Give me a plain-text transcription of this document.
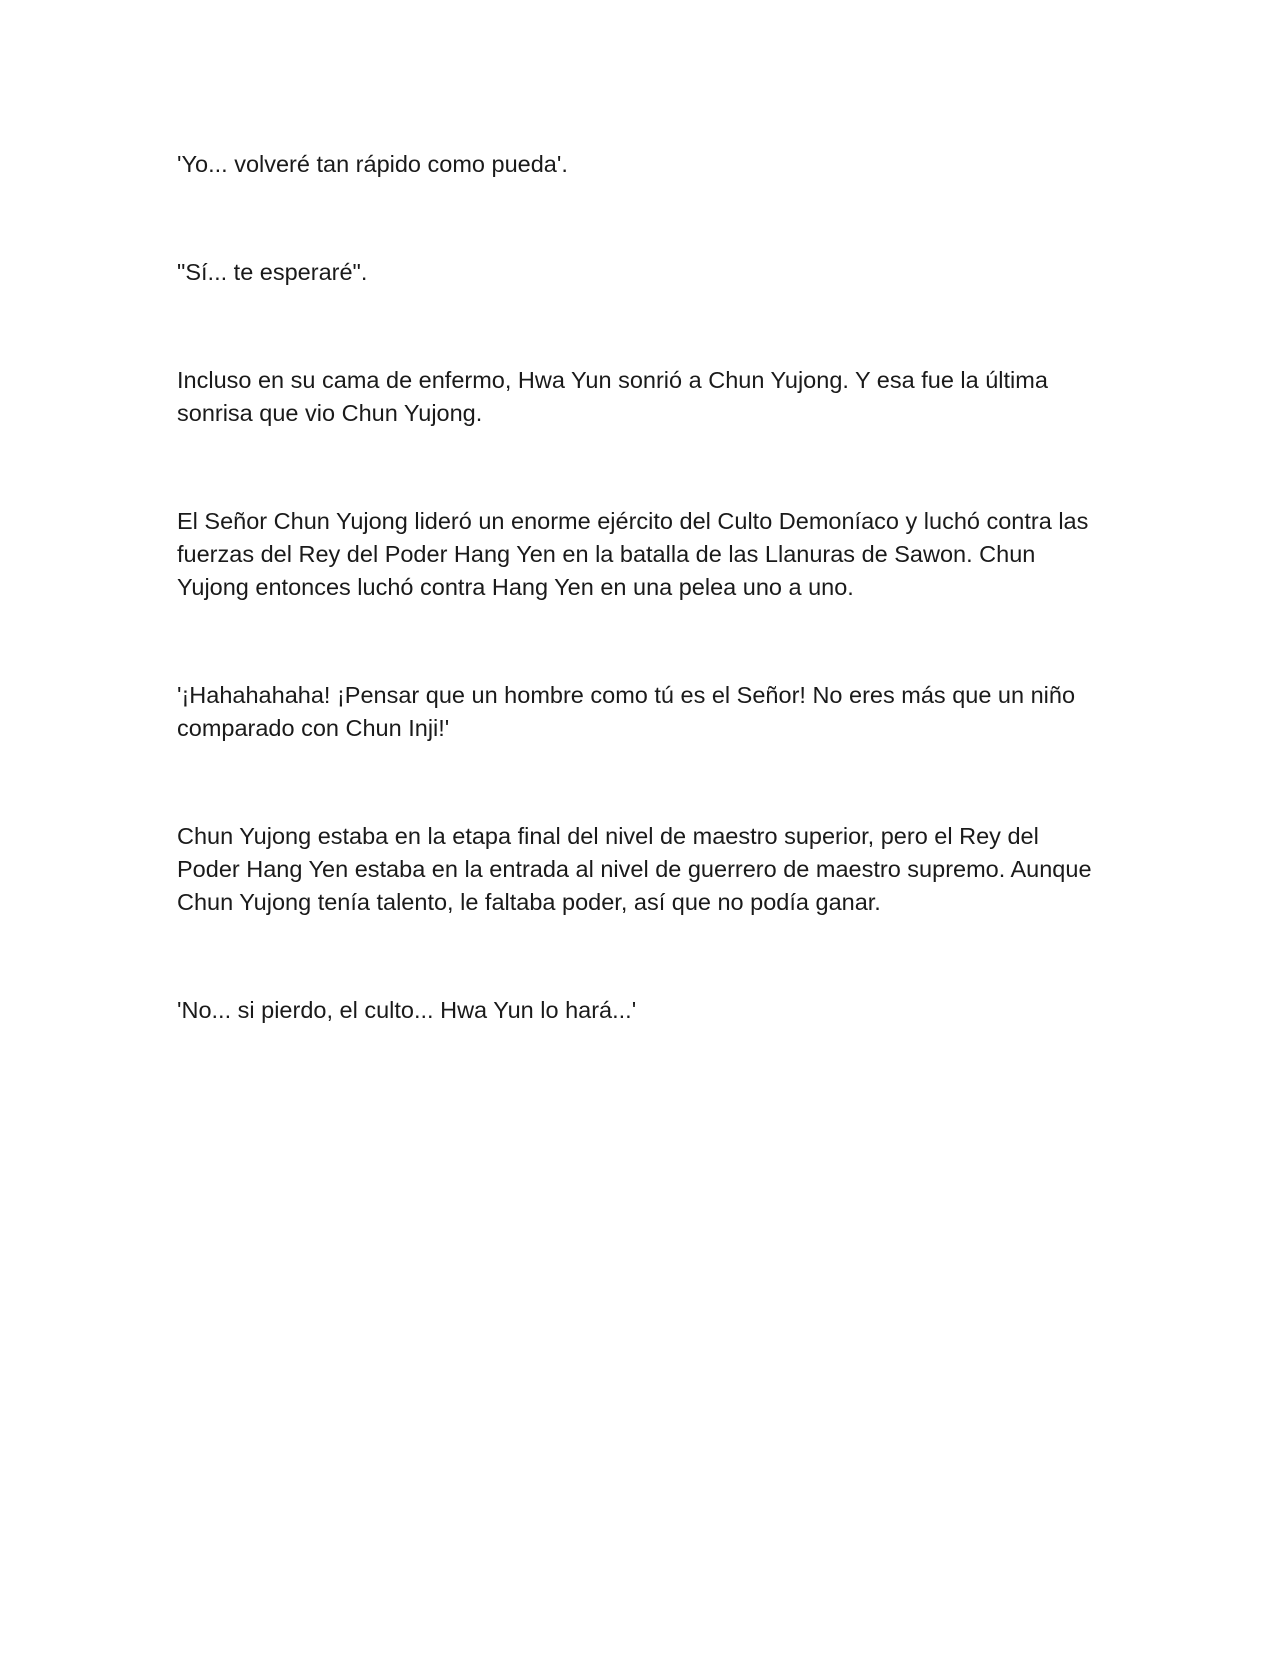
'Yo... volveré tan rápido como pueda'.

"Sí... te esperaré".

Incluso en su cama de enfermo, Hwa Yun sonrió a Chun Yujong. Y esa fue la última sonrisa que vio Chun Yujong.

El Señor Chun Yujong lideró un enorme ejército del Culto Demoníaco y luchó contra las fuerzas del Rey del Poder Hang Yen en la batalla de las Llanuras de Sawon. Chun Yujong entonces luchó contra Hang Yen en una pelea uno a uno.

'¡Hahahahaha! ¡Pensar que un hombre como tú es el Señor! No eres más que un niño comparado con Chun Inji!'

Chun Yujong estaba en la etapa final del nivel de maestro superior, pero el Rey del Poder Hang Yen estaba en la entrada al nivel de guerrero de maestro supremo. Aunque Chun Yujong tenía talento, le faltaba poder, así que no podía ganar.

'No... si pierdo, el culto... Hwa Yun lo hará...'
